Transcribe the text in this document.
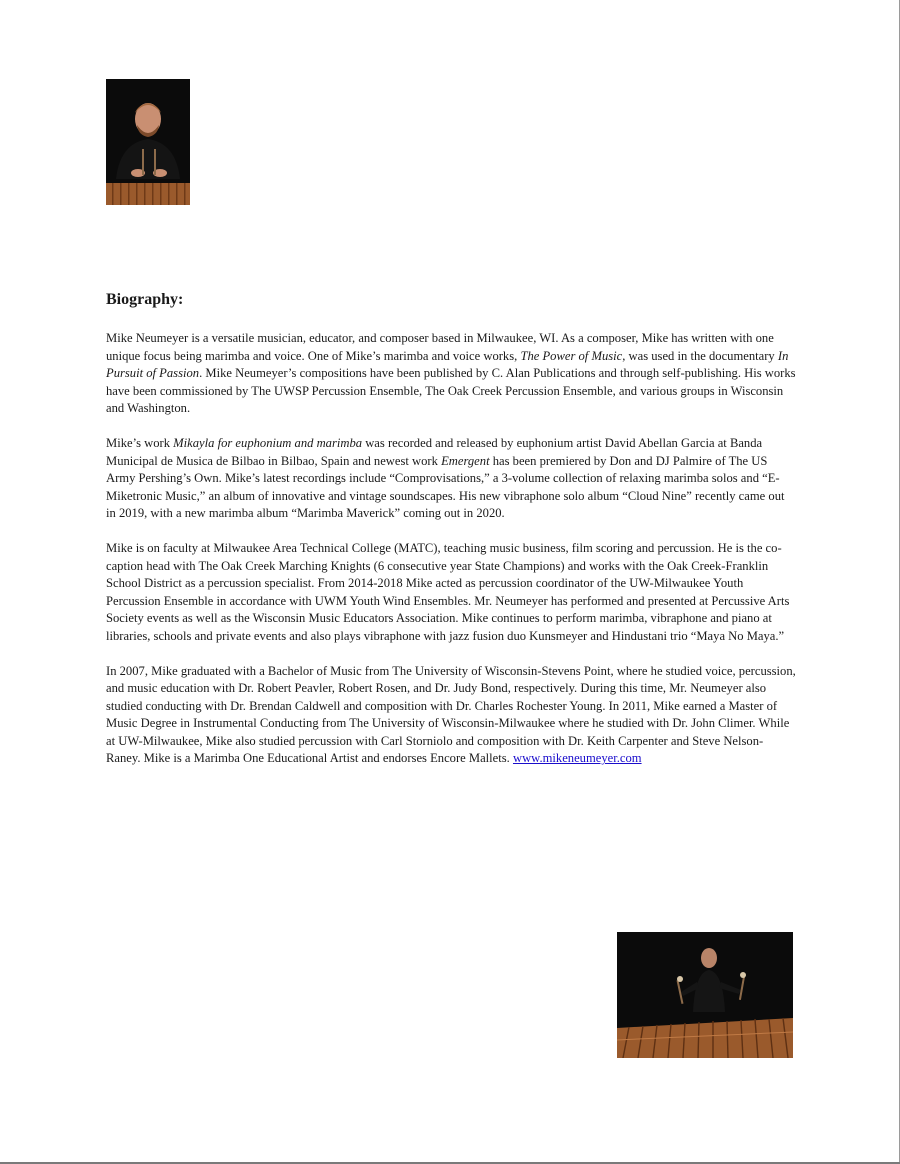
Biography:

Mike Neumeyer is a versatile musician, educator, and composer based in Milwaukee, WI. As a composer, Mike has written with one unique focus being marimba and voice. One of Mike’s marimba and voice works, The Power of Music, was used in the documentary In Pursuit of Passion. Mike Neumeyer’s compositions have been published by C. Alan Publications and through self-publishing. His works have been commissioned by The UWSP Percussion Ensemble, The Oak Creek Percussion Ensemble, and various groups in Wisconsin and Washington.

Mike’s work Mikayla for euphonium and marimba was recorded and released by euphonium artist David Abellan Garcia at Banda Municipal de Musica de Bilbao in Bilbao, Spain and newest work Emergent has been premiered by Don and DJ Palmire of The US Army Pershing’s Own. Mike’s latest recordings include “Comprovisations,” a 3-volume collection of relaxing marimba solos and “E-Miketronic Music,” an album of innovative and vintage soundscapes. His new vibraphone solo album “Cloud Nine” recently came out in 2019, with a new marimba album “Marimba Maverick” coming out in 2020.

Mike is on faculty at Milwaukee Area Technical College (MATC), teaching music business, film scoring and percussion. He is the co- caption head with The Oak Creek Marching Knights (6 consecutive year State Champions) and works with the Oak Creek-Franklin School District as a percussion specialist. From 2014-2018 Mike acted as percussion coordinator of the UW-Milwaukee Youth Percussion Ensemble in accordance with UWM Youth Wind Ensembles. Mr. Neumeyer has performed and presented at Percussive Arts Society events as well as the Wisconsin Music Educators Association. Mike continues to perform marimba, vibraphone and piano at libraries, schools and private events and also plays vibraphone with jazz fusion duo Kunsmeyer and Hindustani trio “Maya No Maya.”

In 2007, Mike graduated with a Bachelor of Music from The University of Wisconsin-Stevens Point, where he studied voice, percussion, and music education with Dr. Robert Peavler, Robert Rosen, and Dr. Judy Bond, respectively. During this time, Mr. Neumeyer also studied conducting with Dr. Brendan Caldwell and composition with Dr. Charles Rochester Young. In 2011, Mike earned a Master of Music Degree in Instrumental Conducting from The University of Wisconsin-Milwaukee where he studied with Dr. John Climer. While at UW-Milwaukee, Mike also studied percussion with Carl Storniolo and composition with Dr. Keith Carpenter and Steve Nelson-Raney. Mike is a Marimba One Educational Artist and endorses Encore Mallets. www.mikeneumeyer.com
